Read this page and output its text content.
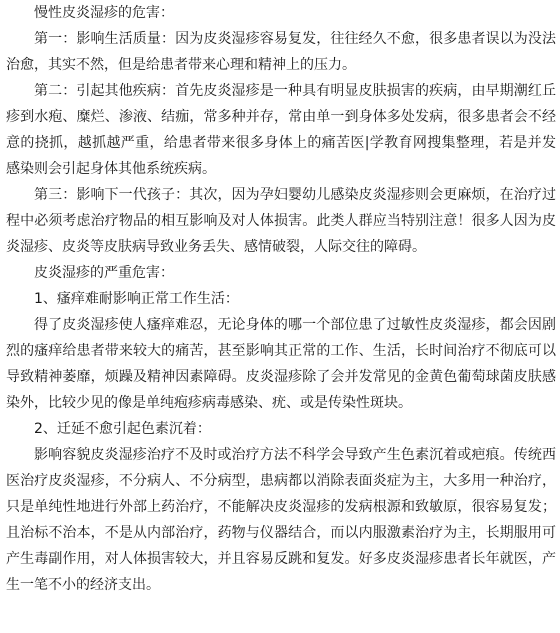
慢性皮炎湿疹的危害：

第一：影响生活质量：因为皮炎湿疹容易复发，往往经久不愈，很多患者误以为没法治愈，其实不然，但是给患者带来心理和精神上的压力。

第二：引起其他疾病：首先皮炎湿疹是一种具有明显皮肤损害的疾病，由早期潮红丘疹到水疱、糜烂、渗液、结痂，常多种并存，常由单一到身体多处发病，很多患者会不经意的挠抓，越抓越严重，给患者带来很多身体上的痛苦医|学教育网搜集整理，若是并发感染则会引起身体其他系统疾病。

第三：影响下一代孩子：其次，因为孕妇婴幼儿感染皮炎湿疹则会更麻烦，在治疗过程中必须考虑治疗物品的相互影响及对人体损害。此类人群应当特别注意！很多人因为皮炎湿疹、皮炎等皮肤病导致业务丢失、感情破裂，人际交往的障碍。

皮炎湿疹的严重危害：

1、瘙痒难耐影响正常工作生活：

得了皮炎湿疹使人瘙痒难忍，无论身体的哪一个部位患了过敏性皮炎湿疹，都会因剧烈的瘙痒给患者带来较大的痛苦，甚至影响其正常的工作、生活，长时间治疗不彻底可以导致精神萎靡，烦躁及精神因素障碍。皮炎湿疹除了会并发常见的金黄色葡萄球菌皮肤感染外，比较少见的像是单纯疱疹病毒感染、疣、或是传染性斑块。

2、迁延不愈引起色素沉着：

影响容貌皮炎湿疹治疗不及时或治疗方法不科学会导致产生色素沉着或疤痕。传统西医治疗皮炎湿疹，不分病人、不分病型，患病都以消除表面炎症为主，大多用一种治疗，只是单纯性地进行外部上药治疗，不能解决皮炎湿疹的发病根源和致敏原，很容易复发；且治标不治本，不是从内部治疗，药物与仪器结合，而以内服激素治疗为主，长期服用可产生毒副作用，对人体损害较大，并且容易反跳和复发。好多皮炎湿疹患者长年就医，产生一笔不小的经济支出。
